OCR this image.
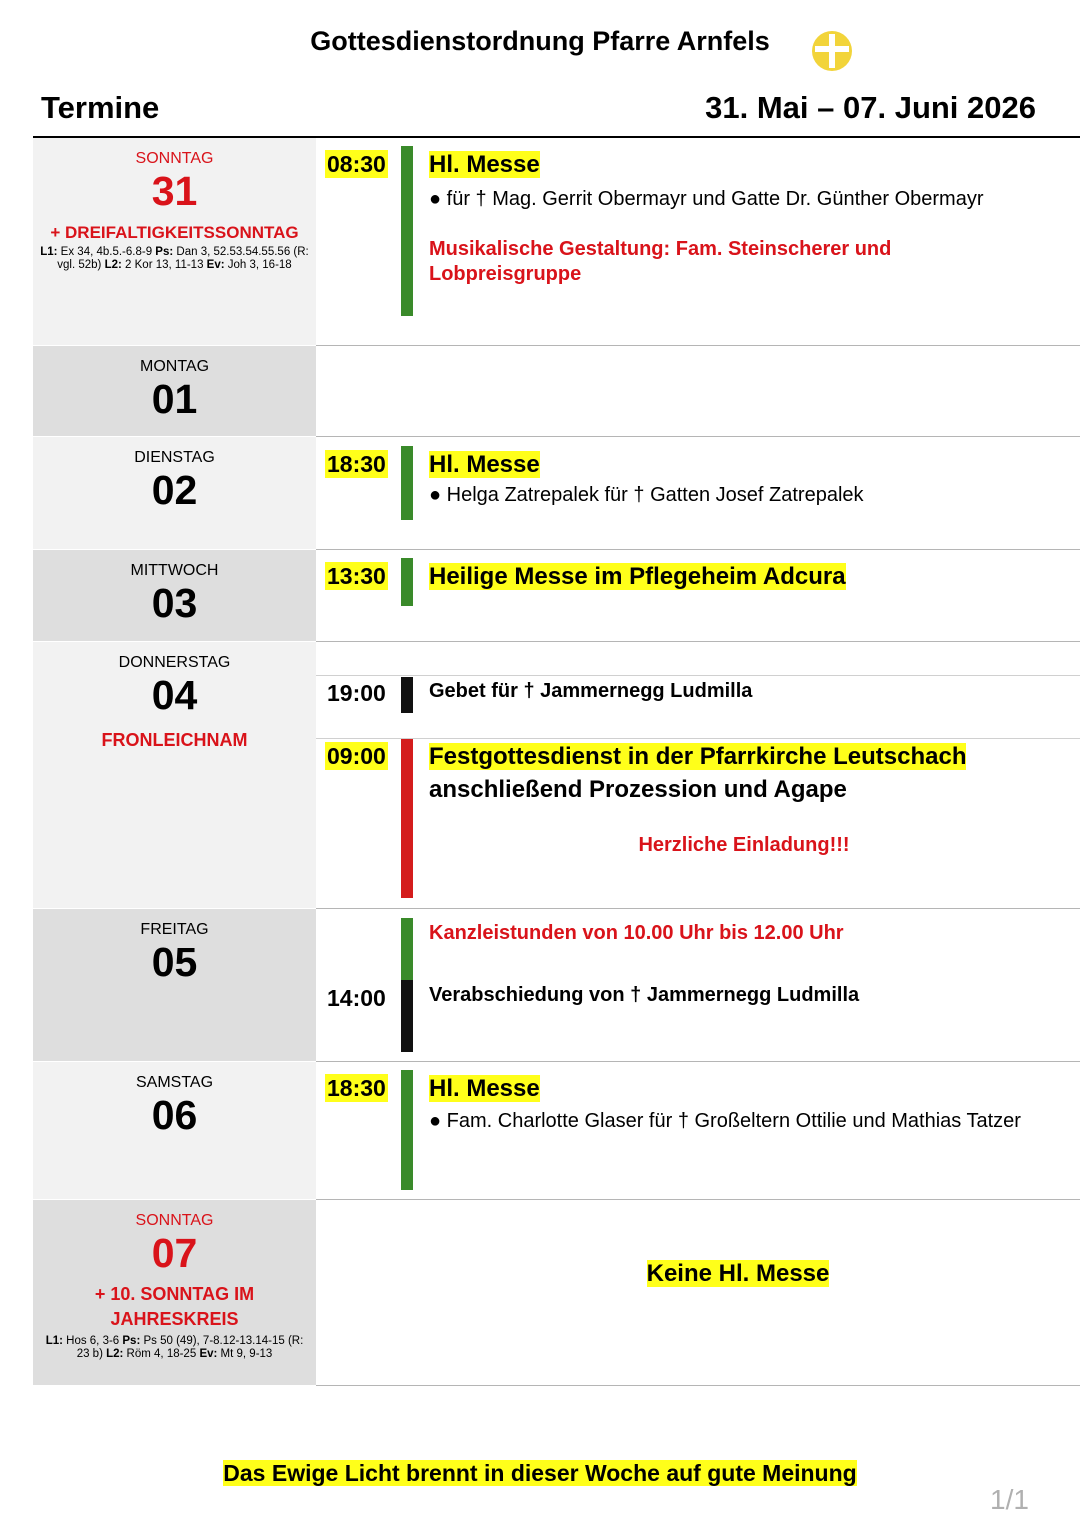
Gottesdienstordnung Pfarre Arnfels
Termine	31. Mai – 07. Juni 2026
SONNTAG
31
+ DREIFALTIGKEITSSONNTAG
L1: Ex 34, 4b.5.-6.8-9 Ps: Dan 3, 52.53.54.55.56 (R: vgl. 52b) L2: 2 Kor 13, 11-13 Ev: Joh 3, 16-18
MONTAG
01
DIENSTAG
02
MITTWOCH
03
DONNERSTAG
04
FRONLEICHNAM
FREITAG
05
SAMSTAG
06
SONNTAG
07
+ 10. SONNTAG IM JAHRESKREIS
L1: Hos 6, 3-6 Ps: Ps 50 (49), 7-8.12-13.14-15 (R: 23 b) L2: Röm 4, 18-25 Ev: Mt 9, 9-13
08:30 Hl. Messe
● für † Mag. Gerrit Obermayr und Gatte Dr. Günther Obermayr
Musikalische Gestaltung: Fam. Steinscherer und Lobpreisgruppe
18:30 Hl. Messe
● Helga Zatrepalek für † Gatten Josef Zatrepalek
13:30 Heilige Messe im Pflegeheim Adcura
19:00 Gebet für † Jammernegg Ludmilla
09:00 Festgottesdienst in der Pfarrkirche Leutschach
anschließend Prozession und Agape
Herzliche Einladung!!!
Kanzleistunden von 10.00 Uhr bis 12.00 Uhr
14:00 Verabschiedung von † Jammernegg Ludmilla
18:30 Hl. Messe
● Fam. Charlotte Glaser für † Großeltern Ottilie und Mathias Tatzer
Keine Hl. Messe
Das Ewige Licht brennt in dieser Woche auf gute Meinung
1/1
